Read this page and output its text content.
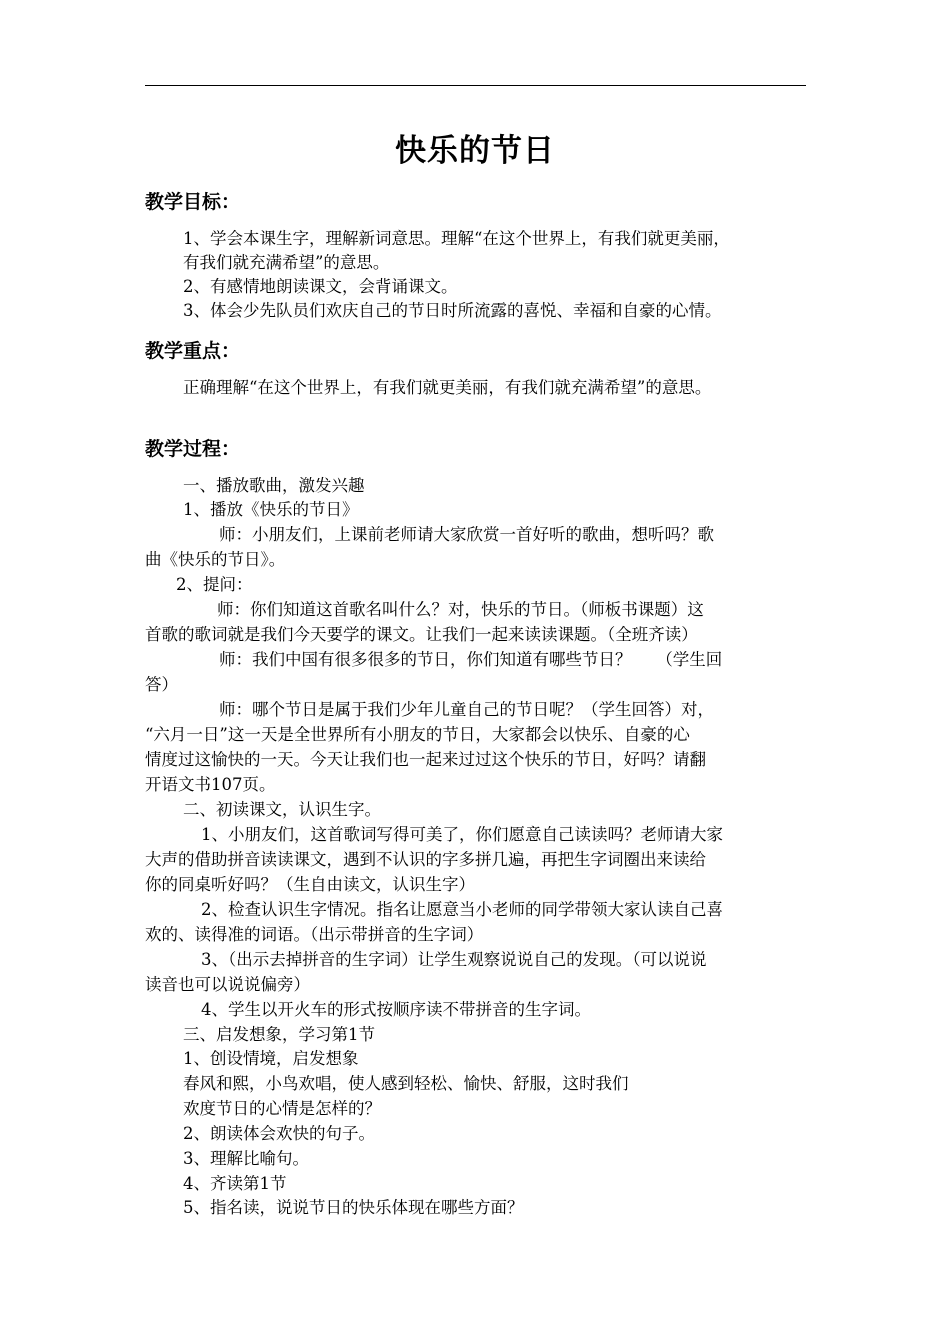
快乐的节日
教学目标：
1、学会本课生字，理解新词意思。理解“在这个世界上，有我们就更美丽，
有我们就充满希望”的意思。
2、有感情地朗读课文，会背诵课文。
3、体会少先队员们欢庆自己的节日时所流露的喜悦、幸福和自豪的心情。
教学重点：
正确理解“在这个世界上，有我们就更美丽，有我们就充满希望”的意思。
教学过程：
一、播放歌曲，激发兴趣
1、播放《快乐的节日》
师：小朋友们，上课前老师请大家欣赏一首好听的歌曲，想听吗？歌
曲《快乐的节日》。
2、提问：
师：你们知道这首歌名叫什么？对，快乐的节日。（师板书课题）这
首歌的歌词就是我们今天要学的课文。让我们一起来读读课题。（全班齐读）
师：我们中国有很多很多的节日，你们知道有哪些节日？　　（学生回
答）
师：哪个节日是属于我们少年儿童自己的节日呢？（学生回答）对，
“六月一日”这一天是全世界所有小朋友的节日，大家都会以快乐、自豪的心
情度过这愉快的一天。今天让我们也一起来过过这个快乐的节日，好吗？请翻
开语文书107页。
二、初读课文，认识生字。
1、小朋友们，这首歌词写得可美了，你们愿意自己读读吗？老师请大家
大声的借助拼音读读课文，遇到不认识的字多拼几遍，再把生字词圈出来读给
你的同桌听好吗？（生自由读文，认识生字）
2、检查认识生字情况。指名让愿意当小老师的同学带领大家认读自己喜
欢的、读得准的词语。（出示带拼音的生字词）
3、（出示去掉拼音的生字词）让学生观察说说自己的发现。（可以说说
读音也可以说说偏旁）
4、学生以开火车的形式按顺序读不带拼音的生字词。
三、启发想象，学习第1节
1、创设情境，启发想象
春风和熙，小鸟欢唱，使人感到轻松、愉快、舒服，这时我们
欢度节日的心情是怎样的？
2、朗读体会欢快的句子。
3、理解比喻句。
4、齐读第1节
5、指名读，说说节日的快乐体现在哪些方面？
